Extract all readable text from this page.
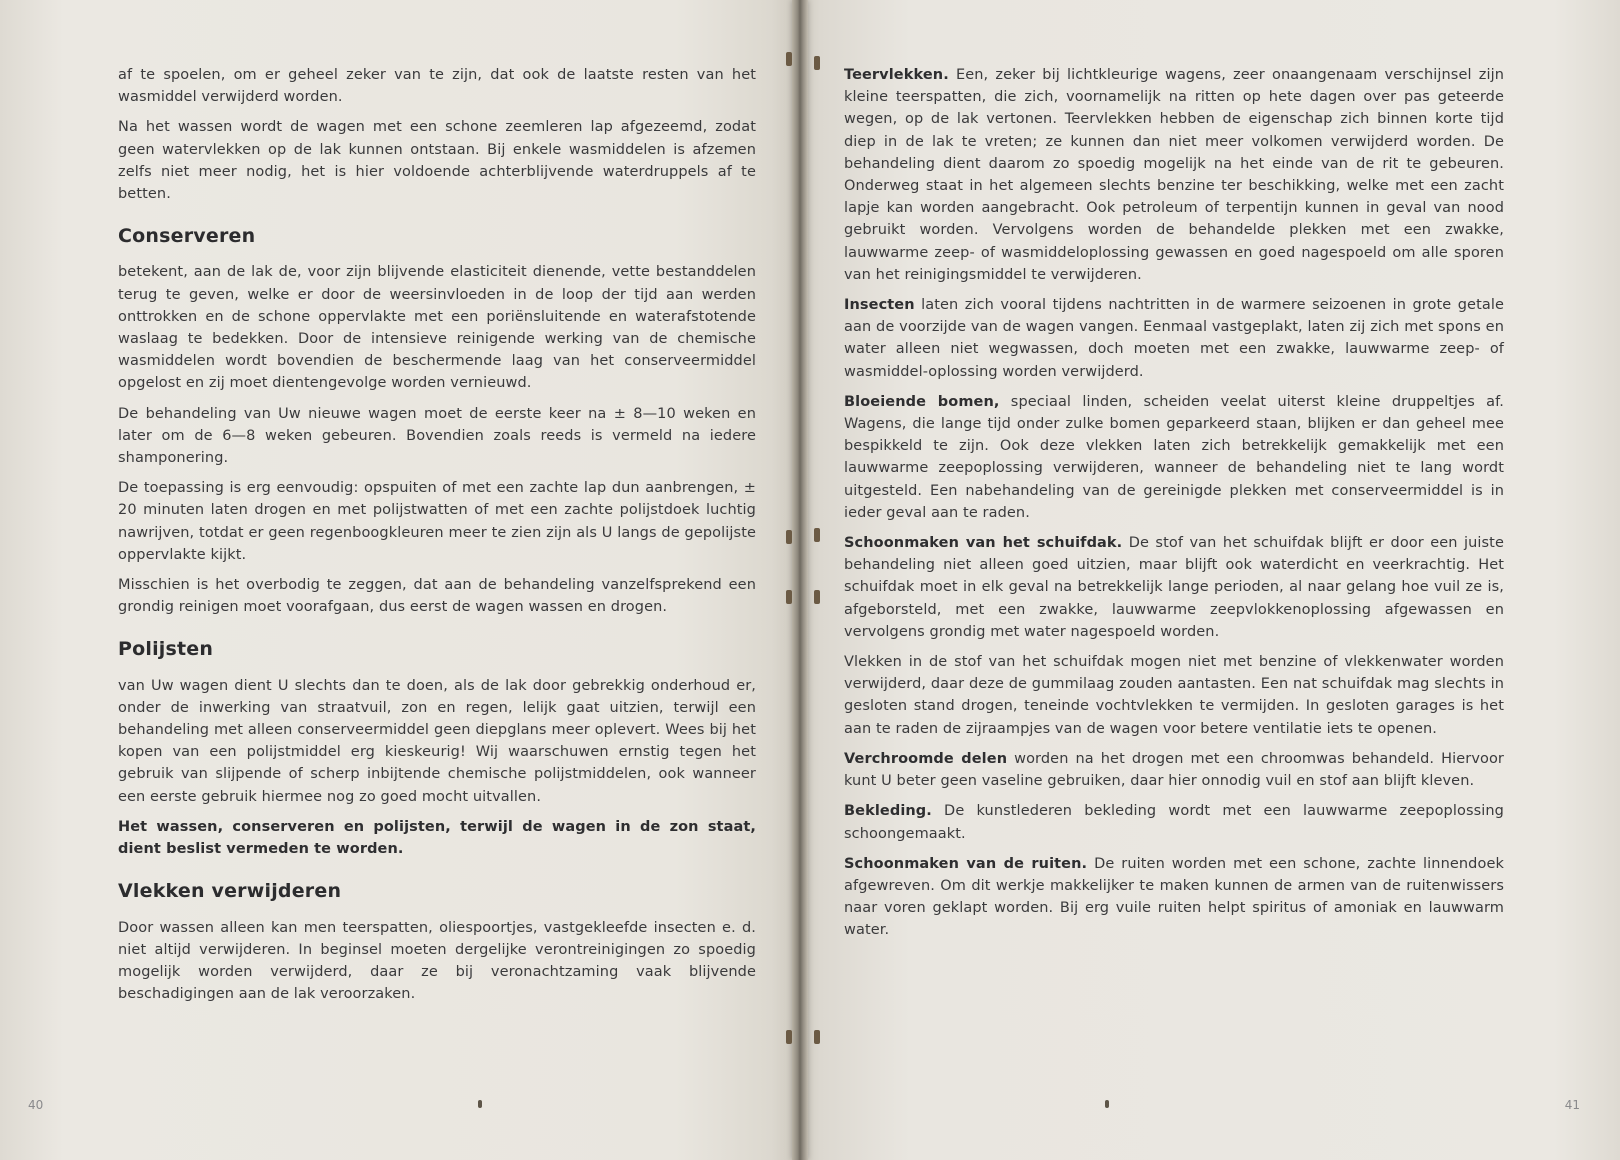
af te spoelen, om er geheel zeker van te zijn, dat ook de laatste resten van het wasmiddel verwijderd worden.

Na het wassen wordt de wagen met een schone zeemleren lap afgezeemd, zodat geen watervlekken op de lak kunnen ontstaan. Bij enkele wasmiddelen is afzemen zelfs niet meer nodig, het is hier voldoende achterblijvende waterdruppels af te betten.

Conserveren

betekent, aan de lak de, voor zijn blijvende elasticiteit dienende, vette bestanddelen terug te geven, welke er door de weersinvloeden in de loop der tijd aan werden onttrokken en de schone oppervlakte met een poriënsluitende en waterafstotende waslaag te bedekken. Door de intensieve reinigende werking van de chemische wasmiddelen wordt bovendien de beschermende laag van het conserveermiddel opgelost en zij moet dientengevolge worden vernieuwd.

De behandeling van Uw nieuwe wagen moet de eerste keer na ± 8—10 weken en later om de 6—8 weken gebeuren. Bovendien zoals reeds is vermeld na iedere shamponering.

De toepassing is erg eenvoudig: opspuiten of met een zachte lap dun aanbrengen, ± 20 minuten laten drogen en met polijstwatten of met een zachte polijstdoek luchtig nawrijven, totdat er geen regenboogkleuren meer te zien zijn als U langs de gepolijste oppervlakte kijkt.

Misschien is het overbodig te zeggen, dat aan de behandeling vanzelfsprekend een grondig reinigen moet voorafgaan, dus eerst de wagen wassen en drogen.

Polijsten

van Uw wagen dient U slechts dan te doen, als de lak door gebrekkig onderhoud er, onder de inwerking van straatvuil, zon en regen, lelijk gaat uitzien, terwijl een behandeling met alleen conserveermiddel geen diepglans meer oplevert. Wees bij het kopen van een polijstmiddel erg kieskeurig! Wij waarschuwen ernstig tegen het gebruik van slijpende of scherp inbijtende chemische polijstmiddelen, ook wanneer een eerste gebruik hiermee nog zo goed mocht uitvallen.

Het wassen, conserveren en polijsten, terwijl de wagen in de zon staat, dient beslist vermeden te worden.

Vlekken verwijderen

Door wassen alleen kan men teerspatten, oliespoortjes, vastgekleefde insecten e. d. niet altijd verwijderen. In beginsel moeten dergelijke verontreinigingen zo spoedig mogelijk worden verwijderd, daar ze bij veronachtzaming vaak blijvende beschadigingen aan de lak veroorzaken.

40

Teervlekken. Een, zeker bij lichtkleurige wagens, zeer onaangenaam verschijnsel zijn kleine teerspatten, die zich, voornamelijk na ritten op hete dagen over pas geteerde wegen, op de lak vertonen. Teervlekken hebben de eigenschap zich binnen korte tijd diep in de lak te vreten; ze kunnen dan niet meer volkomen verwijderd worden. De behandeling dient daarom zo spoedig mogelijk na het einde van de rit te gebeuren. Onderweg staat in het algemeen slechts benzine ter beschikking, welke met een zacht lapje kan worden aangebracht. Ook petroleum of terpentijn kunnen in geval van nood gebruikt worden. Vervolgens worden de behandelde plekken met een zwakke, lauwwarme zeep- of wasmiddeloplossing gewassen en goed nagespoeld om alle sporen van het reinigingsmiddel te verwijderen.

Insecten laten zich vooral tijdens nachtritten in de warmere seizoenen in grote getale aan de voorzijde van de wagen vangen. Eenmaal vastgeplakt, laten zij zich met spons en water alleen niet wegwassen, doch moeten met een zwakke, lauwwarme zeep- of wasmiddel-oplossing worden verwijderd.

Bloeiende bomen, speciaal linden, scheiden veelat uiterst kleine druppeltjes af. Wagens, die lange tijd onder zulke bomen geparkeerd staan, blijken er dan geheel mee bespikkeld te zijn. Ook deze vlekken laten zich betrekkelijk gemakkelijk met een lauwwarme zeepoplossing verwijderen, wanneer de behandeling niet te lang wordt uitgesteld. Een nabehandeling van de gereinigde plekken met conserveermiddel is in ieder geval aan te raden.

Schoonmaken van het schuifdak. De stof van het schuifdak blijft er door een juiste behandeling niet alleen goed uitzien, maar blijft ook waterdicht en veerkrachtig. Het schuifdak moet in elk geval na betrekkelijk lange perioden, al naar gelang hoe vuil ze is, afgeborsteld, met een zwakke, lauwwarme zeepvlokkenoplossing afgewassen en vervolgens grondig met water nagespoeld worden.

Vlekken in de stof van het schuifdak mogen niet met benzine of vlekkenwater worden verwijderd, daar deze de gummilaag zouden aantasten. Een nat schuifdak mag slechts in gesloten stand drogen, teneinde vochtvlekken te vermijden. In gesloten garages is het aan te raden de zijraampjes van de wagen voor betere ventilatie iets te openen.

Verchroomde delen worden na het drogen met een chroomwas behandeld. Hiervoor kunt U beter geen vaseline gebruiken, daar hier onnodig vuil en stof aan blijft kleven.

Bekleding. De kunstlederen bekleding wordt met een lauwwarme zeepoplossing schoongemaakt.

Schoonmaken van de ruiten. De ruiten worden met een schone, zachte linnendoek afgewreven. Om dit werkje makkelijker te maken kunnen de armen van de ruitenwissers naar voren geklapt worden. Bij erg vuile ruiten helpt spiritus of amoniak en lauwwarm water.

41
